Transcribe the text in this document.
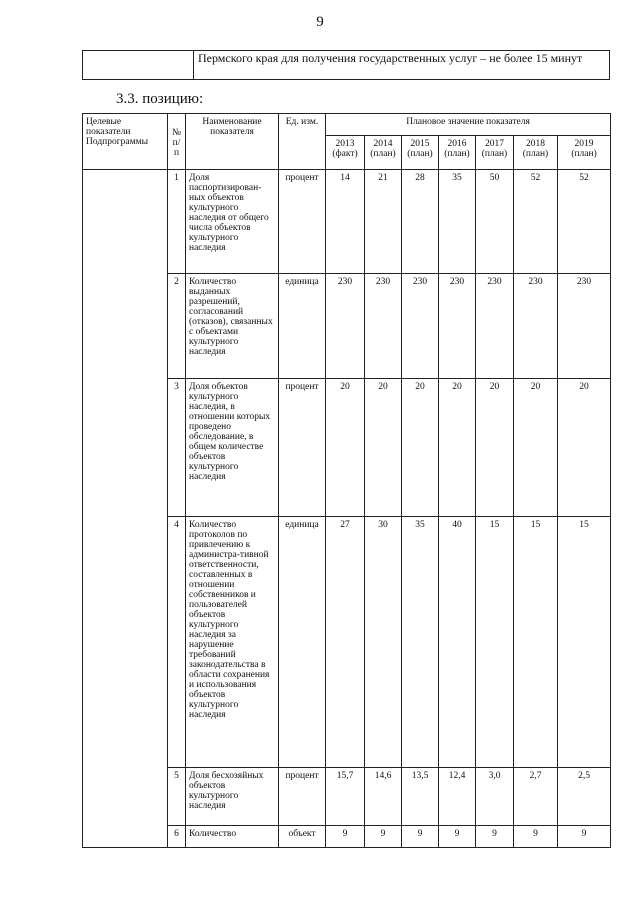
9
	Пермского края для получения государственных услуг – не более 15 минут
3.3. позицию:
Целевые показатели Подпрограммы	№ п/п	Наименование показателя	Ед. изм.	Плановое значение показателя						
				2013 (факт)	2014 (план)	2015 (план)	2016 (план)	2017 (план)	2018 (план)	2019 (план)
	1	Доля паспортизирован-ных объектов культурного наследия от общего числа объектов культурного наследия	процент	14	21	28	35	50	52	52
	2	Количество выданных разрешений, согласований (отказов), связанных с объектами культурного наследия	единица	230	230	230	230	230	230	230
	3	Доля объектов культурного наследия, в отношении которых проведено обследование, в общем количестве объектов культурного наследия	процент	20	20	20	20	20	20	20
	4	Количество протоколов по привлечению к администра-тивной ответственности, составленных в отношении собственников и пользователей объектов культурного наследия за нарушение требований законодательства в области сохранения и использования объектов культурного наследия	единица	27	30	35	40	15	15	15
	5	Доля бесхозяйных объектов культурного наследия	процент	15,7	14,6	13,5	12,4	3,0	2,7	2,5
	6	Количество	объект	9	9	9	9	9	9	9
